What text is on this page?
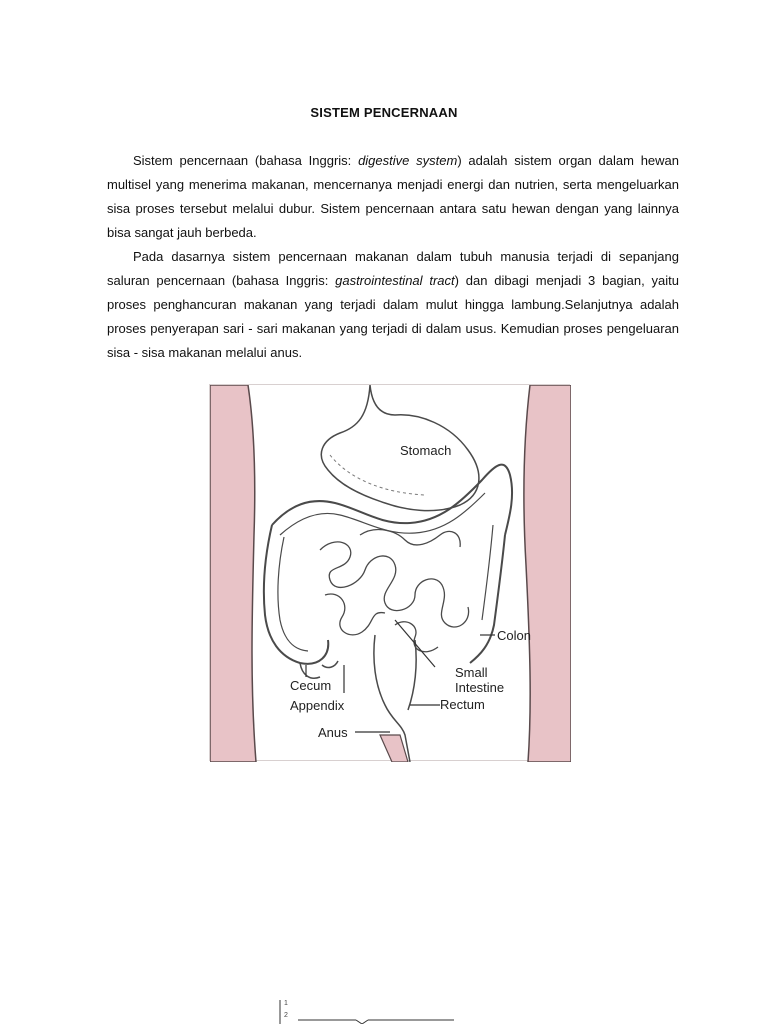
SISTEM PENCERNAAN

Sistem pencernaan (bahasa Inggris: digestive system) adalah sistem organ dalam hewan multisel yang menerima makanan, mencernanya menjadi energi dan nutrien, serta mengeluarkan sisa proses tersebut melalui dubur. Sistem pencernaan antara satu hewan dengan yang lainnya bisa sangat jauh berbeda.

Pada dasarnya sistem pencernaan makanan dalam tubuh manusia terjadi di sepanjang saluran pencernaan (bahasa Inggris: gastrointestinal tract) dan dibagi menjadi 3 bagian, yaitu proses penghancuran makanan yang terjadi dalam mulut hingga lambung.Selanjutnya adalah proses penyerapan sari - sari makanan yang terjadi di dalam usus. Kemudian proses pengeluaran sisa - sisa makanan melalui anus.

Stomach
Colon
Small
Intestine
Cecum
Appendix	Rectum
Anus
1
2
